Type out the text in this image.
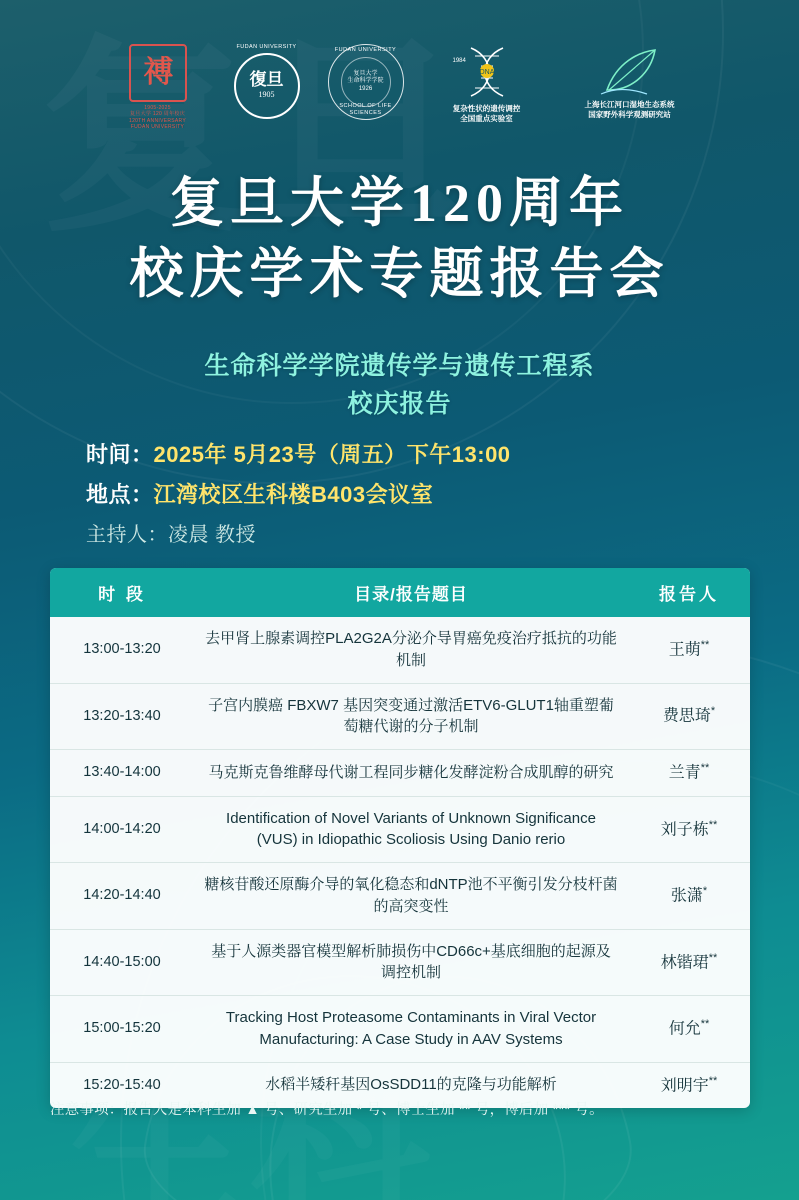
禣
1905-2025
复旦大学 120 周年校庆
120TH ANNIVERSARY
FUDAN UNIVERSITY
FUDAN UNIVERSITY
復旦
1905
FUDAN UNIVERSITY
复旦大学
生命科学学院
1926
SCHOOL OF LIFE SCIENCES
DNA
1984
复杂性状的遗传调控
全国重点实验室
上海长江河口湿地生态系统
国家野外科学观测研究站
复旦大学120周年
校庆学术专题报告会
生命科学学院遗传学与遗传工程系
校庆报告
时间：2025年 5月23号（周五）下午13:00
地点：江湾校区生科楼B403会议室
主持人：凌晨 教授
时 段	目录/报告题目	报告人
13:00-13:20	去甲肾上腺素调控PLA2G2A分泌介导胃癌免疫治疗抵抗的功能机制	王萌**
13:20-13:40	子宫内膜癌 FBXW7 基因突变通过激活ETV6-GLUT1轴重塑葡萄糖代谢的分子机制	费思琦*
13:40-14:00	马克斯克鲁维酵母代谢工程同步糖化发酵淀粉合成肌醇的研究	兰青**
14:00-14:20	Identification of Novel Variants of Unknown Significance (VUS) in Idiopathic Scoliosis Using Danio rerio	刘子栋**
14:20-14:40	糖核苷酸还原酶介导的氧化稳态和dNTP池不平衡引发分枝杆菌的高突变性	张潇*
14:40-15:00	基于人源类器官模型解析肺损伤中CD66c+基底细胞的起源及调控机制	林锴珺**
15:00-15:20	Tracking Host Proteasome Contaminants in Viral Vector Manufacturing: A Case Study in AAV Systems	何允**
15:20-15:40	水稻半矮秆基因OsSDD11的克隆与功能解析	刘明宇**
注意事项：报告人是本科生加 ▲ 号、研究生加 * 号、博士生加 ** 号，博后加 *** 号。
